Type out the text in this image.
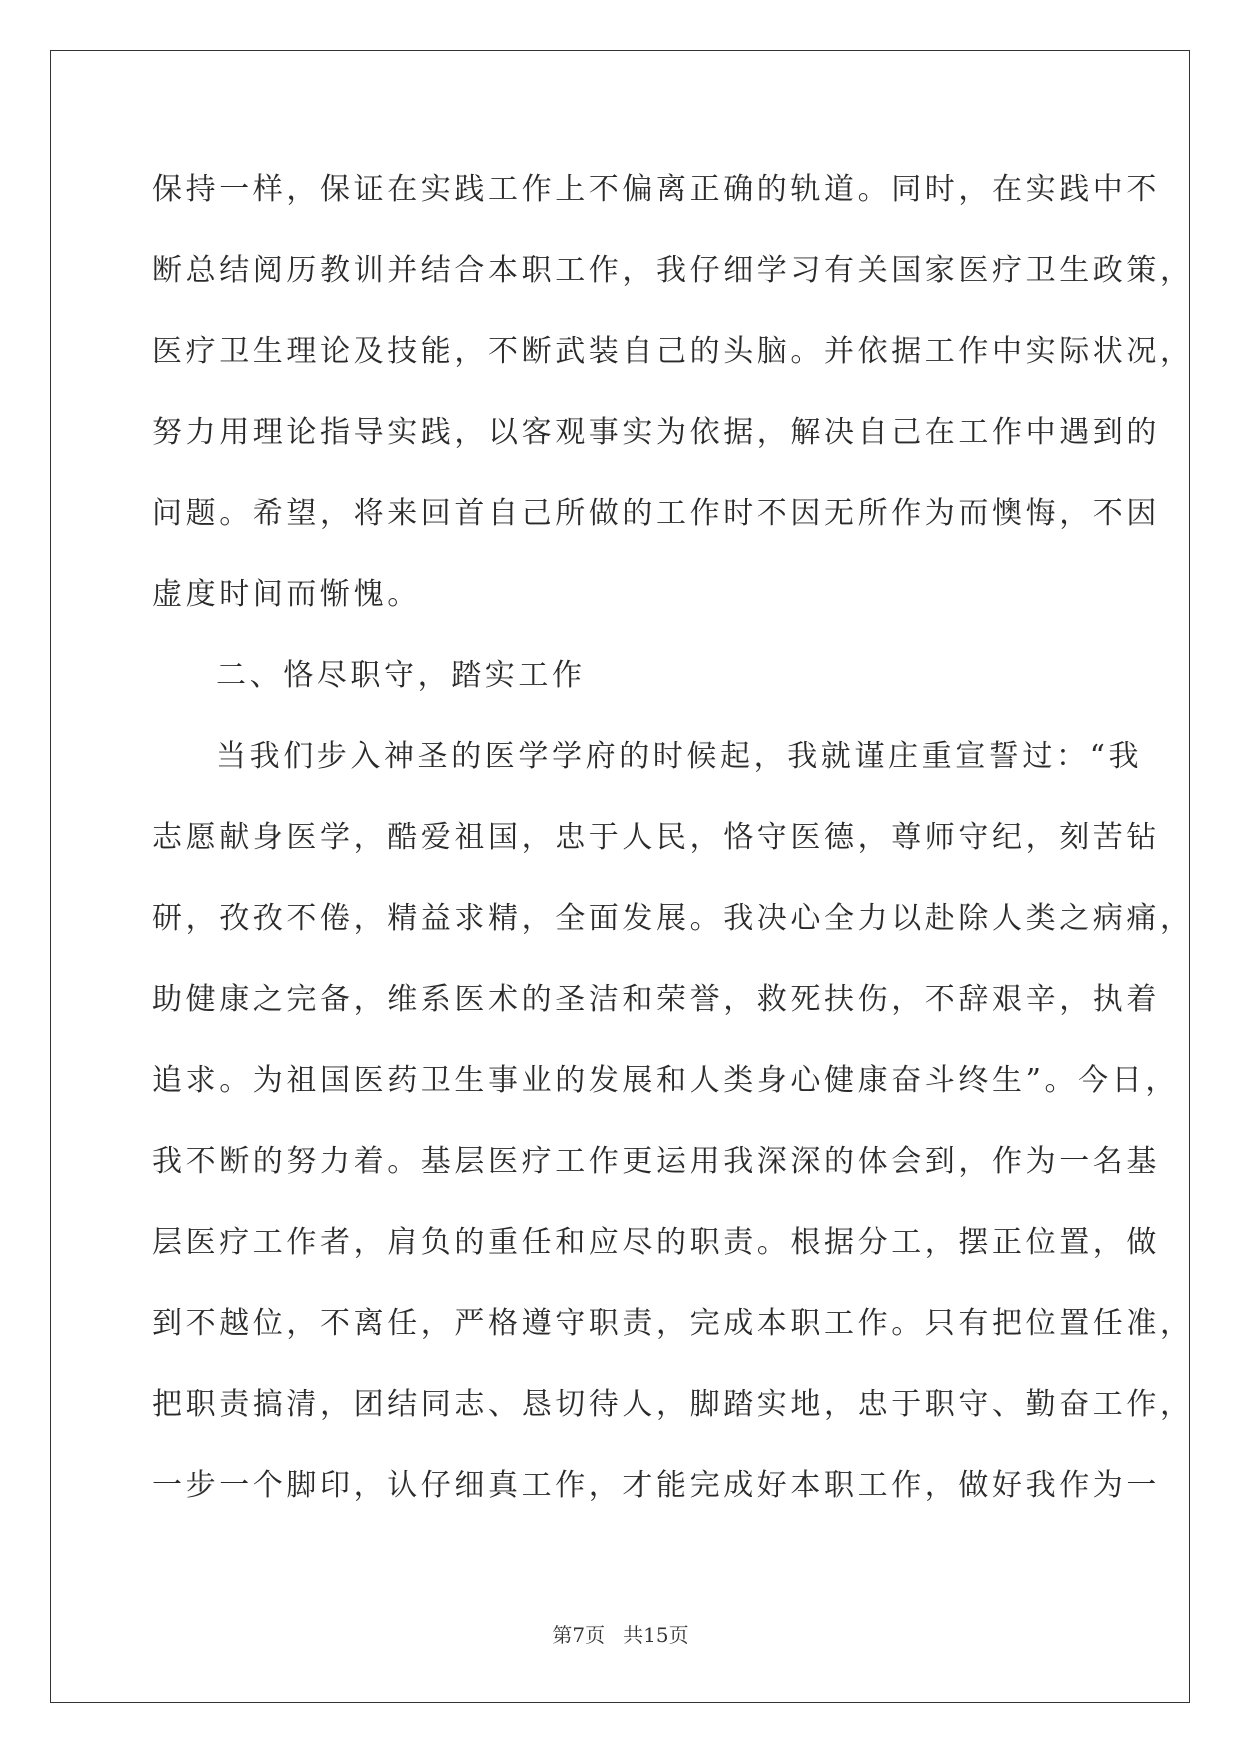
保持一样，保证在实践工作上不偏离正确的轨道。同时，在实践中不
断总结阅历教训并结合本职工作，我仔细学习有关国家医疗卫生政策，
医疗卫生理论及技能，不断武装自己的头脑。并依据工作中实际状况，
努力用理论指导实践，以客观事实为依据，解决自己在工作中遇到的
问题。希望，将来回首自己所做的工作时不因无所作为而懊悔，不因
虚度时间而惭愧。
二、恪尽职守，踏实工作
当我们步入神圣的医学学府的时候起，我就谨庄重宣誓过：“我
志愿献身医学，酷爱祖国，忠于人民，恪守医德，尊师守纪，刻苦钻
研，孜孜不倦，精益求精，全面发展。我决心全力以赴除人类之病痛，
助健康之完备，维系医术的圣洁和荣誉，救死扶伤，不辞艰辛，执着
追求。为祖国医药卫生事业的发展和人类身心健康奋斗终生”。今日，
我不断的努力着。基层医疗工作更运用我深深的体会到，作为一名基
层医疗工作者，肩负的重任和应尽的职责。根据分工，摆正位置，做
到不越位，不离任，严格遵守职责，完成本职工作。只有把位置任准，
把职责搞清，团结同志、恳切待人，脚踏实地，忠于职守、勤奋工作，
一步一个脚印，认仔细真工作，才能完成好本职工作，做好我作为一
第7页 共15页
